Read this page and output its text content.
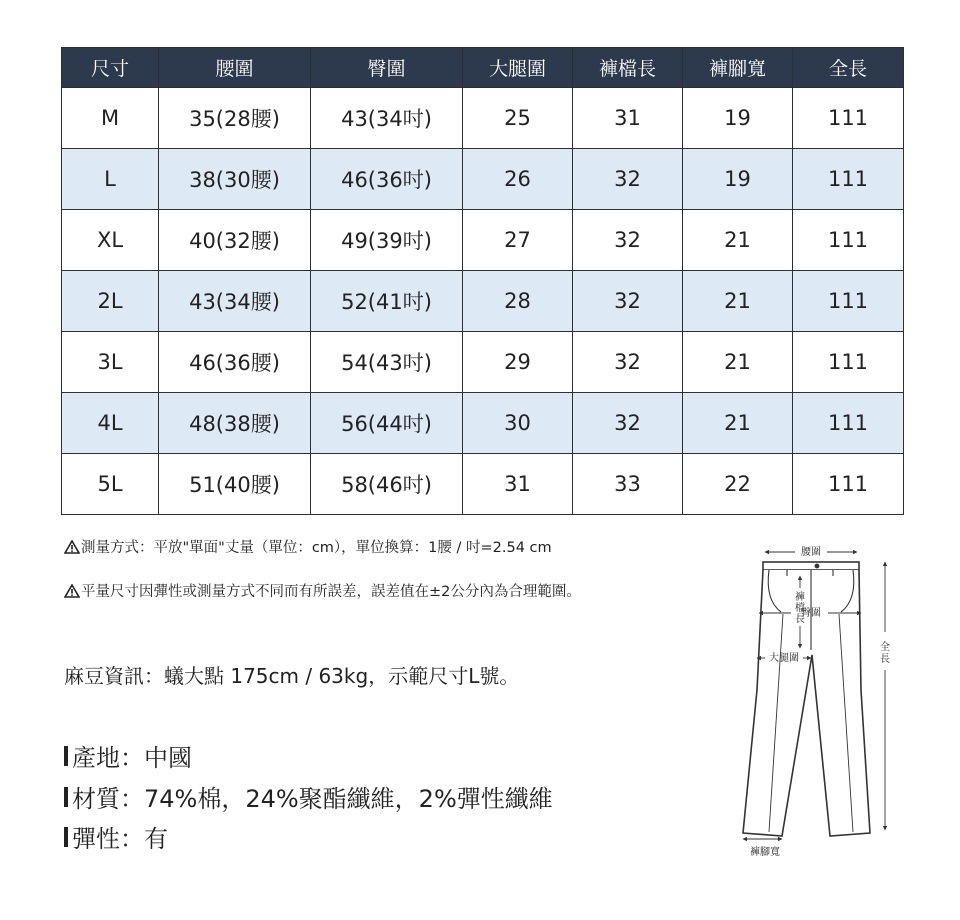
尺寸	腰圍	臀圍	大腿圍	褲檔長	褲腳寬	全長
M	35(28腰)	43(34吋)	25	31	19	111
L	38(30腰)	46(36吋)	26	32	19	111
XL	40(32腰)	49(39吋)	27	32	21	111
2L	43(34腰)	52(41吋)	28	32	21	111
3L	46(36腰)	54(43吋)	29	32	21	111
4L	48(38腰)	56(44吋)	30	32	21	111
5L	51(40腰)	58(46吋)	31	33	22	111
測量方式：平放"單面"丈量（單位：cm），單位換算：1腰 / 吋=2.54 cm
平量尺寸因彈性或測量方式不同而有所誤差，誤差值在±2公分內為合理範圍。
麻豆資訊：蟻大點 175cm / 63kg，示範尺寸L號。
產地：中國
材質：74%棉，24%聚酯纖維，2%彈性纖維
彈性：有
腰圍
臀圍
大腿圍
褲
檔
長
全
長
褲腳寬
